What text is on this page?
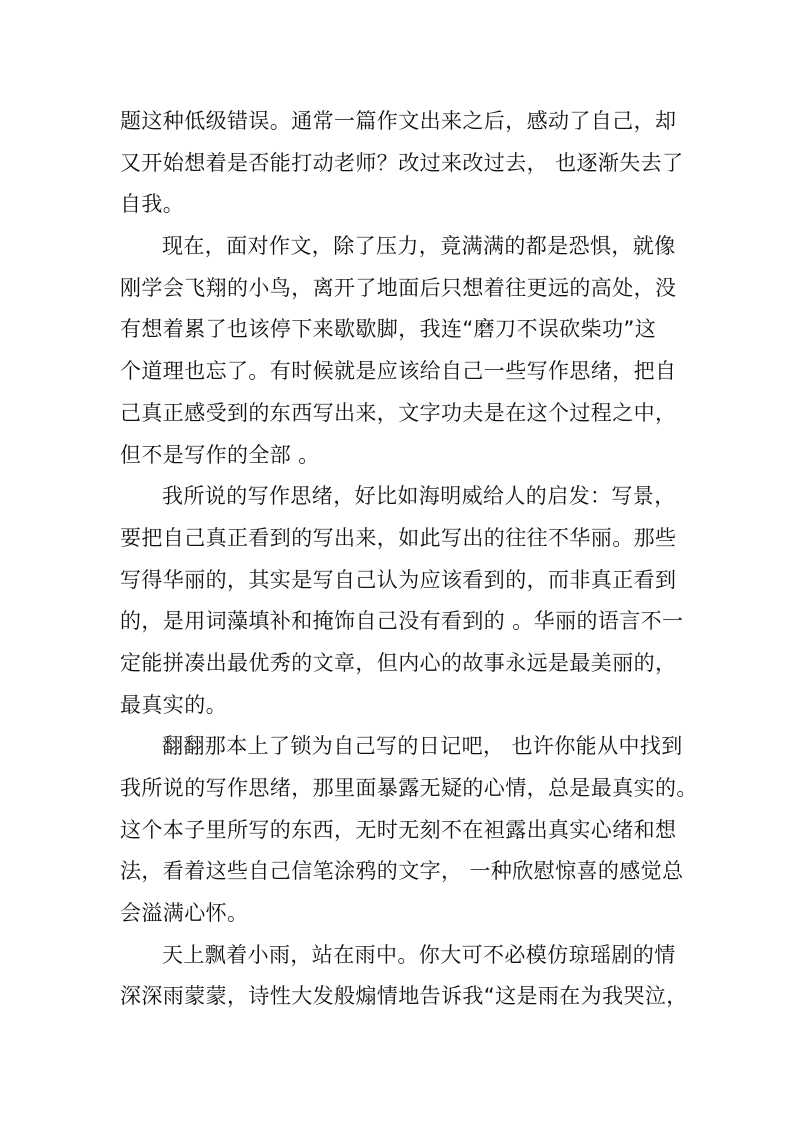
题这种低级错误。通常一篇作文出来之后，感动了自己，却
又开始想着是否能打动老师？改过来改过去， 也逐渐失去了
自我。
现在，面对作文，除了压力，竟满满的都是恐惧，就像
刚学会飞翔的小鸟，离开了地面后只想着往更远的高处，没
有想着累了也该停下来歇歇脚，我连“磨刀不误砍柴功”这
个道理也忘了。有时候就是应该给自己一些写作思绪，把自
己真正感受到的东西写出来，文字功夫是在这个过程之中，
但不是写作的全部 。
我所说的写作思绪，好比如海明威给人的启发：写景，
要把自己真正看到的写出来，如此写出的往往不华丽。那些
写得华丽的，其实是写自己认为应该看到的，而非真正看到
的，是用词藻填补和掩饰自己没有看到的 。华丽的语言不一
定能拼凑出最优秀的文章，但内心的故事永远是最美丽的，
最真实的。
翻翻那本上了锁为自己写的日记吧， 也许你能从中找到
我所说的写作思绪，那里面暴露无疑的心情，总是最真实的。
这个本子里所写的东西，无时无刻不在袒露出真实心绪和想
法，看着这些自己信笔涂鸦的文字， 一种欣慰惊喜的感觉总
会溢满心怀。
天上飘着小雨，站在雨中。你大可不必模仿琼瑶剧的情
深深雨蒙蒙，诗性大发般煽情地告诉我“这是雨在为我哭泣，
